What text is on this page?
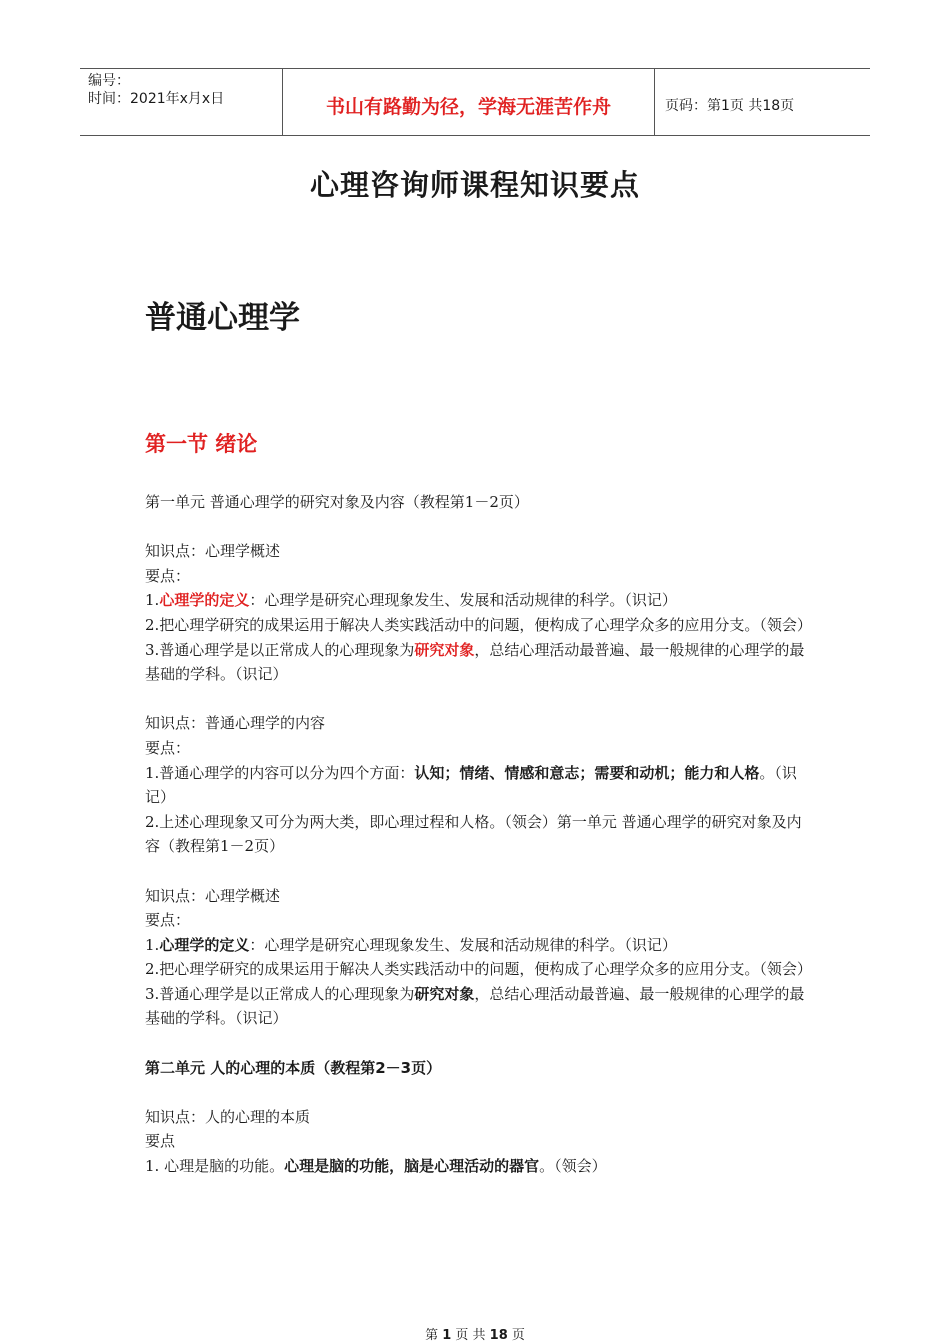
编号：
时间：2021年x月x日	书山有路勤为径，学海无涯苦作舟	页码：第1页 共18页
心理咨询师课程知识要点
普通心理学
第一节 绪论

第一单元 普通心理学的研究对象及内容（教程第1－2页）

知识点：心理学概述

要点：

1.心理学的定义：心理学是研究心理现象发生、发展和活动规律的科学。（识记）

2.把心理学研究的成果运用于解决人类实践活动中的问题，便构成了心理学众多的应用分支。（领会）

3.普通心理学是以正常成人的心理现象为研究对象，总结心理活动最普遍、最一般规律的心理学的最基础的学科。（识记）

知识点：普通心理学的内容

要点：

1.普通心理学的内容可以分为四个方面：认知；情绪、情感和意志；需要和动机；能力和人格。（识记）

2.上述心理现象又可分为两大类，即心理过程和人格。（领会）第一单元 普通心理学的研究对象及内容（教程第1－2页）

知识点：心理学概述

要点：

1.心理学的定义：心理学是研究心理现象发生、发展和活动规律的科学。（识记）

2.把心理学研究的成果运用于解决人类实践活动中的问题，便构成了心理学众多的应用分支。（领会）

3.普通心理学是以正常成人的心理现象为研究对象，总结心理活动最普遍、最一般规律的心理学的最基础的学科。（识记）

第二单元 人的心理的本质（教程第2－3页）

知识点：人的心理的本质

要点

1. 心理是脑的功能。心理是脑的功能，脑是心理活动的器官。（领会）

第 1 页 共 18 页
